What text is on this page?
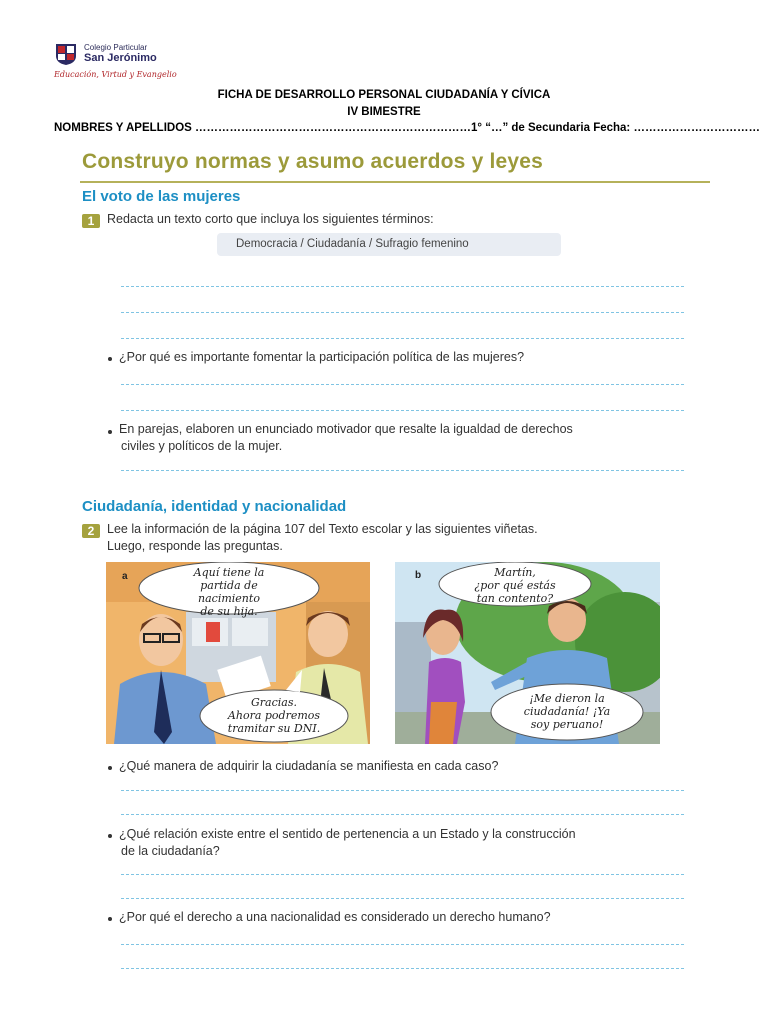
Colegio Particular
San Jerónimo
Educación, Virtud y Evangelio
FICHA DE DESARROLLO PERSONAL CIUDADANÍA Y CÍVICA
IV BIMESTRE
NOMBRES Y APELLIDOS ………………………………………………………………1° “…” de Secundaria Fecha: ……………………………
Construyo normas y asumo acuerdos y leyes
El voto de las mujeres
1	Redacta un texto corto que incluya los siguientes términos:
Democracia / Ciudadanía / Sufragio femenino
¿Por qué es importante fomentar la participación política de las mujeres?
En parejas, elaboren un enunciado motivador que resalte la igualdad de derechos
civiles y políticos de la mujer.
Ciudadanía, identidad y nacionalidad
2	Lee la información de la página 107 del Texto escolar y las siguientes viñetas.
Luego, responde las preguntas.
a	Aquí tiene la
partida de nacimiento
de su hija.
Gracias.
Ahora podremos
tramitar su DNI.
b	Martín,
¿por qué estás
tan contento?
¡Me dieron la
ciudadanía! ¡Ya
soy peruano!
¿Qué manera de adquirir la ciudadanía se manifiesta en cada caso?
¿Qué relación existe entre el sentido de pertenencia a un Estado y la construcción
de la ciudadanía?
¿Por qué el derecho a una nacionalidad es considerado un derecho humano?
